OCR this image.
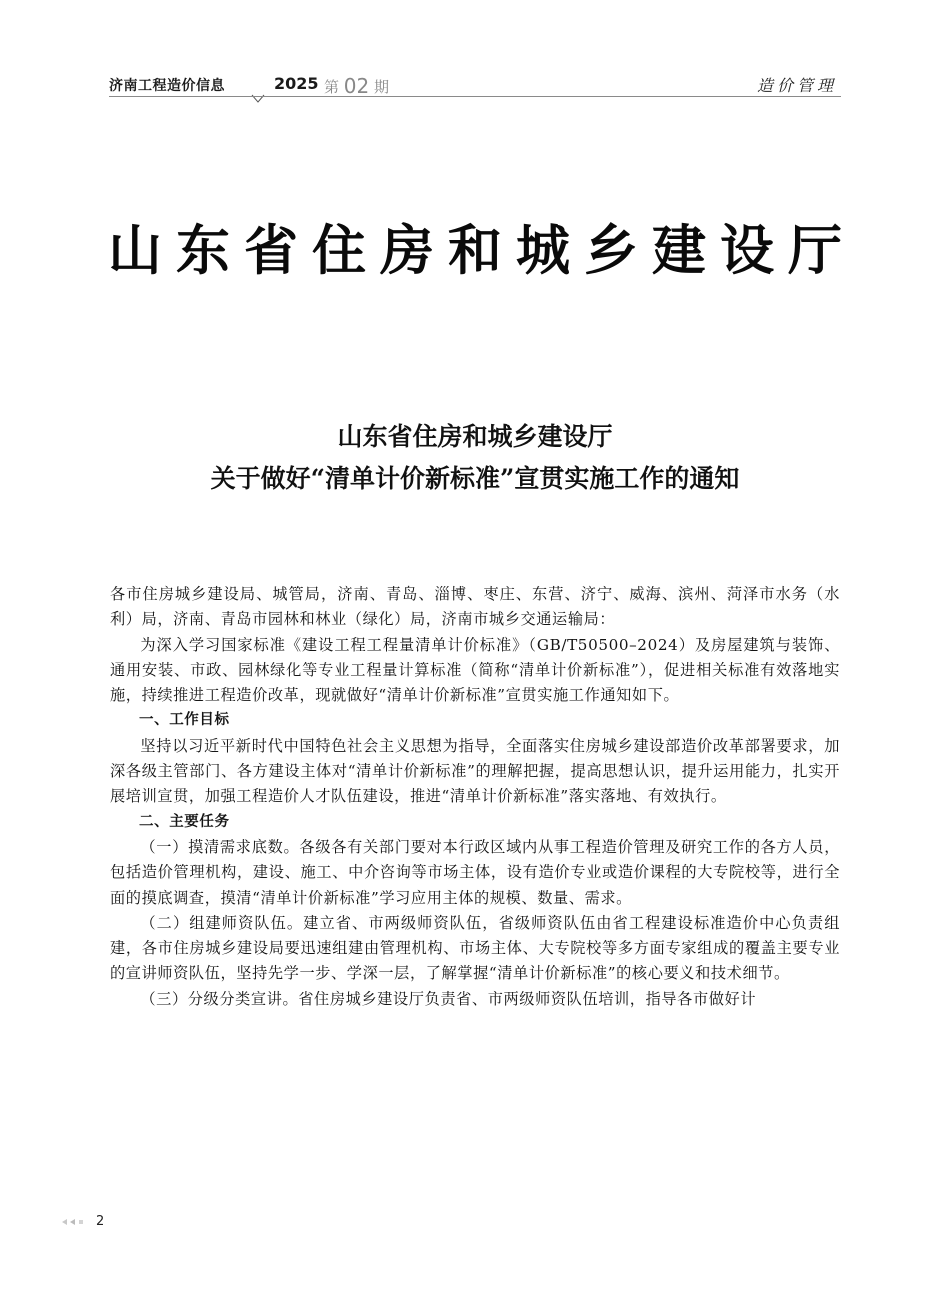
济南工程造价信息	2025 第 02 期	造价管理
山东省住房和城乡建设厅
山东省住房和城乡建设厅
关于做好“清单计价新标准”宣贯实施工作的通知

各市住房城乡建设局、城管局，济南、青岛、淄博、枣庄、东营、济宁、威海、滨州、菏泽市水务（水利）局，济南、青岛市园林和林业（绿化）局，济南市城乡交通运输局：

为深入学习国家标准《建设工程工程量清单计价标准》（GB/T50500–2024）及房屋建筑与装饰、通用安装、市政、园林绿化等专业工程量计算标准（简称“清单计价新标准”），促进相关标准有效落地实施，持续推进工程造价改革，现就做好“清单计价新标准”宣贯实施工作通知如下。

一、工作目标

坚持以习近平新时代中国特色社会主义思想为指导，全面落实住房城乡建设部造价改革部署要求，加深各级主管部门、各方建设主体对“清单计价新标准”的理解把握，提高思想认识，提升运用能力，扎实开展培训宣贯，加强工程造价人才队伍建设，推进“清单计价新标准”落实落地、有效执行。

二、主要任务

（一）摸清需求底数。各级各有关部门要对本行政区域内从事工程造价管理及研究工作的各方人员，包括造价管理机构，建设、施工、中介咨询等市场主体，设有造价专业或造价课程的大专院校等，进行全面的摸底调查，摸清“清单计价新标准”学习应用主体的规模、数量、需求。

（二）组建师资队伍。建立省、市两级师资队伍，省级师资队伍由省工程建设标准造价中心负责组建，各市住房城乡建设局要迅速组建由管理机构、市场主体、大专院校等多方面专家组成的覆盖主要专业的宣讲师资队伍，坚持先学一步、学深一层，了解掌握“清单计价新标准”的核心要义和技术细节。

（三）分级分类宣讲。省住房城乡建设厅负责省、市两级师资队伍培训，指导各市做好计

2
